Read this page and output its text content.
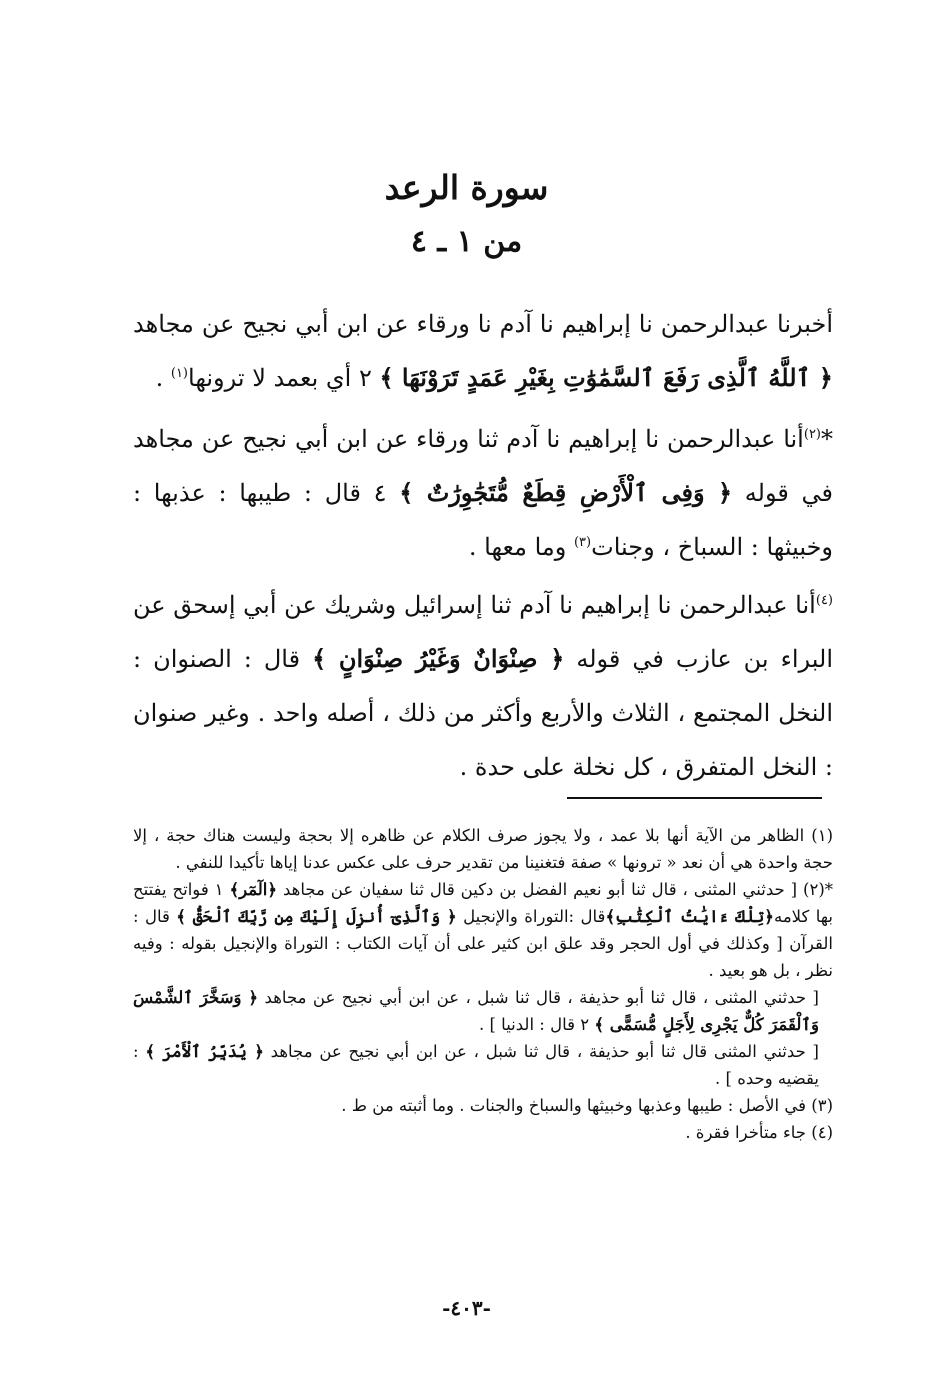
سورة الرعد
من ١ ـ ٤
أخبرنا عبدالرحمن نا إبراهيم نا آدم نا ورقاء عن ابن أبي نجيح عن مجاهد ﴿ ٱللَّهُ ٱلَّذِى رَفَعَ ٱلسَّمَٰوَٰتِ بِغَيْرِ عَمَدٍ تَرَوْنَهَا ﴾ ٢ أي بعمد لا ترونها$^{(١)}$ .
*$^{(٢)}$أنا عبدالرحمن نا إبراهيم نا آدم ثنا ورقاء عن ابن أبي نجيح عن مجاهد في قوله ﴿ وَفِى ٱلْأَرْضِ قِطَعٌ مُّتَجَٰوِرَٰتٌ ﴾ ٤ قال : طيبها : عذبها : وخبيثها : السباخ ، وجنات$^{(٣)}$ وما معها .
$^{(٤)}$أنا عبدالرحمن نا إبراهيم نا آدم ثنا إسرائيل وشريك عن أبي إسحق عن البراء بن عازب في قوله ﴿ صِنْوَانٌ وَغَيْرُ صِنْوَانٍ ﴾ قال : الصنوان : النخل المجتمع ، الثلاث والأربع وأكثر من ذلك ، أصله واحد . وغير صنوان : النخل المتفرق ، كل نخلة على حدة .

(١) الظاهر من الآية أنها بلا عمد ، ولا يجوز صرف الكلام عن ظاهره إلا بحجة وليست هناك حجة ، إلا حجة واحدة هي أن نعد « ترونها » صفة فتغنينا من تقدير حرف على عكس عدنا إياها تأكيدا للنفي .

*(٢) [ حدثني المثنى ، قال ثنا أبو نعيم الفضل بن دكين قال ثنا سفيان عن مجاهد ﴿الٓمٓر﴾ ١ فواتح يفتتح بها كلامه﴿تِلْكَ ءَايَٰتُ ٱلْكِتَٰبِ﴾قال :التوراة والإنجيل ﴿ وَٱلَّذِىٓ أُنزِلَ إِلَيْكَ مِن رَّبِّكَ ٱلْحَقُّ ﴾ قال : القرآن [ وكذلك في أول الحجر وقد علق ابن كثير على أن آيات الكتاب : التوراة والإنجيل بقوله : وفيه نظر ، بل هو بعيد .

[ حدثني المثنى ، قال ثنا أبو حذيفة ، قال ثنا شبل ، عن ابن أبي نجيح عن مجاهد ﴿ وَسَخَّرَ ٱلشَّمْسَ وَٱلْقَمَرَ كُلٌّ يَجْرِى لِأَجَلٍ مُّسَمًّى ﴾ ٢ قال : الدنيا ] .

[ حدثني المثنى قال ثنا أبو حذيفة ، قال ثنا شبل ، عن ابن أبي نجيح عن مجاهد ﴿ يُدَبِّرُ ٱلْأَمْرَ ﴾ : يقضيه وحده ] .

(٣) في الأصل : طيبها وعذبها وخبيثها والسباخ والجنات . وما أثبته من ط .

(٤) جاء متأخرا فقرة .

-٤٠٣-
